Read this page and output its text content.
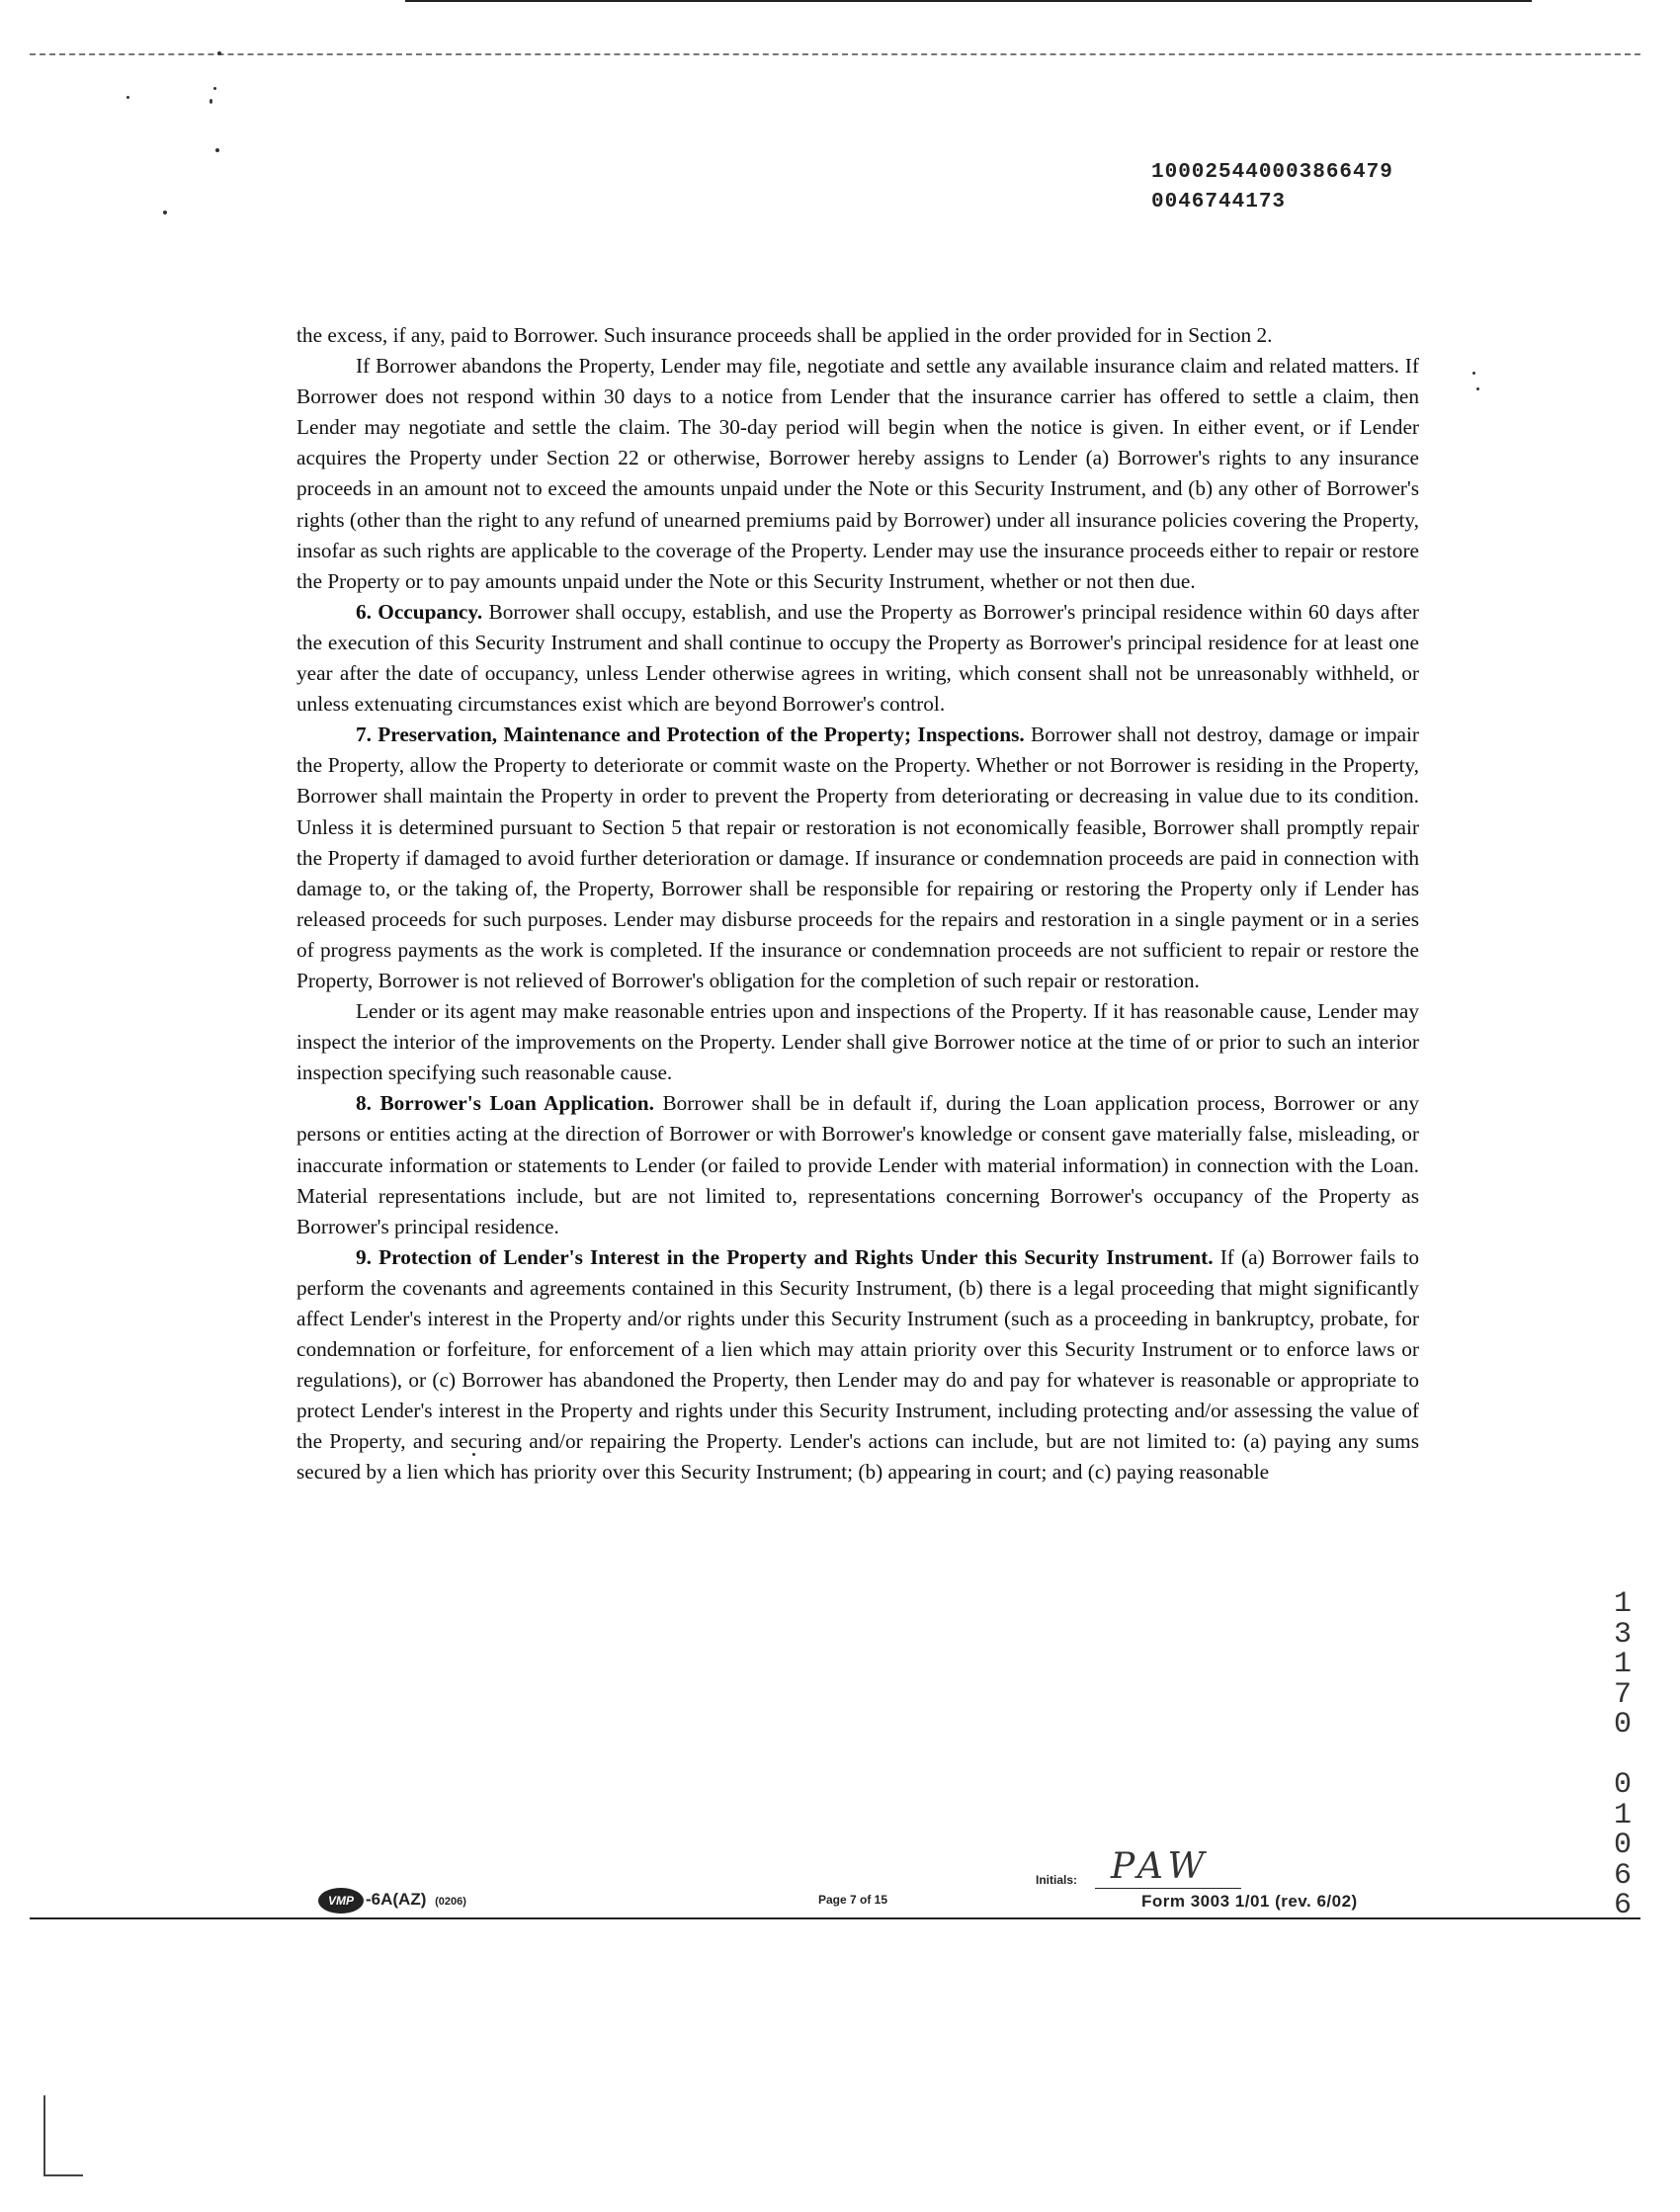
100025440003866479
0046744173

the excess, if any, paid to Borrower. Such insurance proceeds shall be applied in the order provided for in Section 2.

If Borrower abandons the Property, Lender may file, negotiate and settle any available insurance claim and related matters. If Borrower does not respond within 30 days to a notice from Lender that the insurance carrier has offered to settle a claim, then Lender may negotiate and settle the claim. The 30-day period will begin when the notice is given. In either event, or if Lender acquires the Property under Section 22 or otherwise, Borrower hereby assigns to Lender (a) Borrower's rights to any insurance proceeds in an amount not to exceed the amounts unpaid under the Note or this Security Instrument, and (b) any other of Borrower's rights (other than the right to any refund of unearned premiums paid by Borrower) under all insurance policies covering the Property, insofar as such rights are applicable to the coverage of the Property. Lender may use the insurance proceeds either to repair or restore the Property or to pay amounts unpaid under the Note or this Security Instrument, whether or not then due.

6. Occupancy. Borrower shall occupy, establish, and use the Property as Borrower's principal residence within 60 days after the execution of this Security Instrument and shall continue to occupy the Property as Borrower's principal residence for at least one year after the date of occupancy, unless Lender otherwise agrees in writing, which consent shall not be unreasonably withheld, or unless extenuating circumstances exist which are beyond Borrower's control.

7. Preservation, Maintenance and Protection of the Property; Inspections. Borrower shall not destroy, damage or impair the Property, allow the Property to deteriorate or commit waste on the Property. Whether or not Borrower is residing in the Property, Borrower shall maintain the Property in order to prevent the Property from deteriorating or decreasing in value due to its condition. Unless it is determined pursuant to Section 5 that repair or restoration is not economically feasible, Borrower shall promptly repair the Property if damaged to avoid further deterioration or damage. If insurance or condemnation proceeds are paid in connection with damage to, or the taking of, the Property, Borrower shall be responsible for repairing or restoring the Property only if Lender has released proceeds for such purposes. Lender may disburse proceeds for the repairs and restoration in a single payment or in a series of progress payments as the work is completed. If the insurance or condemnation proceeds are not sufficient to repair or restore the Property, Borrower is not relieved of Borrower's obligation for the completion of such repair or restoration.

Lender or its agent may make reasonable entries upon and inspections of the Property. If it has reasonable cause, Lender may inspect the interior of the improvements on the Property. Lender shall give Borrower notice at the time of or prior to such an interior inspection specifying such reasonable cause.

8. Borrower's Loan Application. Borrower shall be in default if, during the Loan application process, Borrower or any persons or entities acting at the direction of Borrower or with Borrower's knowledge or consent gave materially false, misleading, or inaccurate information or statements to Lender (or failed to provide Lender with material information) in connection with the Loan. Material representations include, but are not limited to, representations concerning Borrower's occupancy of the Property as Borrower's principal residence.

9. Protection of Lender's Interest in the Property and Rights Under this Security Instrument. If (a) Borrower fails to perform the covenants and agreements contained in this Security Instrument, (b) there is a legal proceeding that might significantly affect Lender's interest in the Property and/or rights under this Security Instrument (such as a proceeding in bankruptcy, probate, for condemnation or forfeiture, for enforcement of a lien which may attain priority over this Security Instrument or to enforce laws or regulations), or (c) Borrower has abandoned the Property, then Lender may do and pay for whatever is reasonable or appropriate to protect Lender's interest in the Property and rights under this Security Instrument, including protecting and/or assessing the value of the Property, and securing and/or repairing the Property. Lender's actions can include, but are not limited to: (a) paying any sums secured by a lien which has priority over this Security Instrument; (b) appearing in court; and (c) paying reasonable

1
3
1
7
0

0
1
0
6
6
VMP -6A(AZ) (0206)	Page 7 of 15
Initials: PAW
Form 3003 1/01 (rev. 6/02)
